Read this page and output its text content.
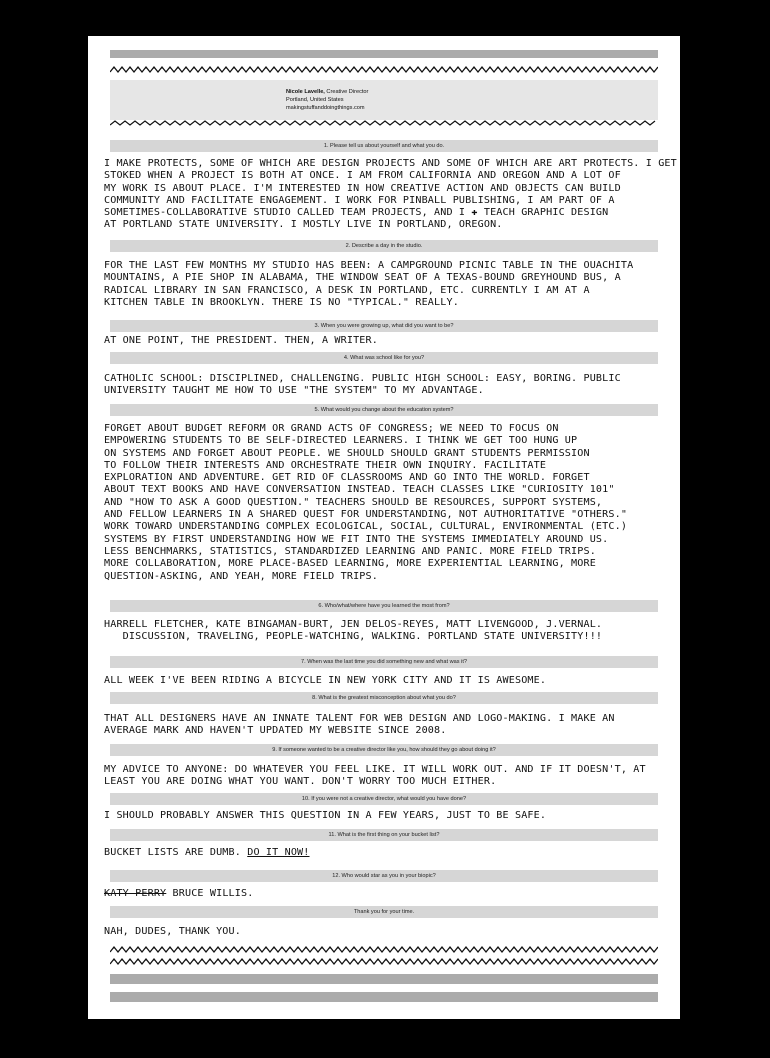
Nicole Lavelle, Creative Director
Portland, United States
makingstuffanddoingthings.com
1. Please tell us about yourself and what you do.
I MAKE PROTECTS, SOME OF WHICH ARE DESIGN PROJECTS AND SOME OF WHICH ARE ART PROTECTS. I GET
STOKED WHEN A PROJECT IS BOTH AT ONCE. I AM FROM CALIFORNIA AND OREGON AND A LOT OF
MY WORK IS ABOUT PLACE. I'M INTERESTED IN HOW CREATIVE ACTION AND OBJECTS CAN BUILD
COMMUNITY AND FACILITATE ENGAGEMENT. I WORK FOR PINBALL PUBLISHING, I AM PART OF A
SOMETIMES-COLLABORATIVE STUDIO CALLED TEAM PROJECTS, AND I ✚ TEACH GRAPHIC DESIGN
AT PORTLAND STATE UNIVERSITY. I MOSTLY LIVE IN PORTLAND, OREGON.
2. Describe a day in the studio.
FOR THE LAST FEW MONTHS MY STUDIO HAS BEEN: A CAMPGROUND PICNIC TABLE IN THE OUACHITA
MOUNTAINS, A PIE SHOP IN ALABAMA, THE WINDOW SEAT OF A TEXAS-BOUND GREYHOUND BUS, A
RADICAL LIBRARY IN SAN FRANCISCO, A DESK IN PORTLAND, ETC. CURRENTLY I AM AT A
KITCHEN TABLE IN BROOKLYN. THERE IS NO "TYPICAL." REALLY.
3. When you were growing up, what did you want to be?
AT ONE POINT, THE PRESIDENT. THEN, A WRITER.
4. What was school like for you?
CATHOLIC SCHOOL: DISCIPLINED, CHALLENGING. PUBLIC HIGH SCHOOL: EASY, BORING. PUBLIC
UNIVERSITY TAUGHT ME HOW TO USE "THE SYSTEM" TO MY ADVANTAGE.
5. What would you change about the education system?
FORGET ABOUT BUDGET REFORM OR GRAND ACTS OF CONGRESS; WE NEED TO FOCUS ON
EMPOWERING STUDENTS TO BE SELF-DIRECTED LEARNERS. I THINK WE GET TOO HUNG UP
ON SYSTEMS AND FORGET ABOUT PEOPLE. WE SHOULD SHOULD GRANT STUDENTS PERMISSION
TO FOLLOW THEIR INTERESTS AND ORCHESTRATE THEIR OWN INQUIRY. FACILITATE
EXPLORATION AND ADVENTURE. GET RID OF CLASSROOMS AND GO INTO THE WORLD. FORGET
ABOUT TEXT BOOKS AND HAVE CONVERSATION INSTEAD. TEACH CLASSES LIKE "CURIOSITY 101"
AND "HOW TO ASK A GOOD QUESTION." TEACHERS SHOULD BE RESOURCES, SUPPORT SYSTEMS,
AND FELLOW LEARNERS IN A SHARED QUEST FOR UNDERSTANDING, NOT AUTHORITATIVE "OTHERS."
WORK TOWARD UNDERSTANDING COMPLEX ECOLOGICAL, SOCIAL, CULTURAL, ENVIRONMENTAL (ETC.)
SYSTEMS BY FIRST UNDERSTANDING HOW WE FIT INTO THE SYSTEMS IMMEDIATELY AROUND US.
LESS BENCHMARKS, STATISTICS, STANDARDIZED LEARNING AND PANIC. MORE FIELD TRIPS.
MORE COLLABORATION, MORE PLACE-BASED LEARNING, MORE EXPERIENTIAL LEARNING, MORE
QUESTION-ASKING, AND YEAH, MORE FIELD TRIPS.
6. Who/what/where have you learned the most from?
HARRELL FLETCHER, KATE BINGAMAN-BURT, JEN DELOS-REYES, MATT LIVENGOOD, J.VERNAL.
DISCUSSION, TRAVELING, PEOPLE-WATCHING, WALKING. PORTLAND STATE UNIVERSITY!!!
7. When was the last time you did something new and what was it?
ALL WEEK I'VE BEEN RIDING A BICYCLE IN NEW YORK CITY AND IT IS AWESOME.
8. What is the greatest misconception about what you do?
THAT ALL DESIGNERS HAVE AN INNATE TALENT FOR WEB DESIGN AND LOGO-MAKING. I MAKE AN
AVERAGE MARK AND HAVEN'T UPDATED MY WEBSITE SINCE 2008.
9. If someone wanted to be a creative director like you, how should they go about doing it?
MY ADVICE TO ANYONE: DO WHATEVER YOU FEEL LIKE. IT WILL WORK OUT. AND IF IT DOESN'T, AT
LEAST YOU ARE DOING WHAT YOU WANT. DON'T WORRY TOO MUCH EITHER.
10. If you were not a creative director, what would you have done?
I SHOULD PROBABLY ANSWER THIS QUESTION IN A FEW YEARS, JUST TO BE SAFE.
11. What is the first thing on your bucket list?
BUCKET LISTS ARE DUMB. DO IT NOW!
12. Who would star as you in your biopic?
KATY PERRY BRUCE WILLIS.
Thank you for your time.
NAH, DUDES, THANK YOU.
